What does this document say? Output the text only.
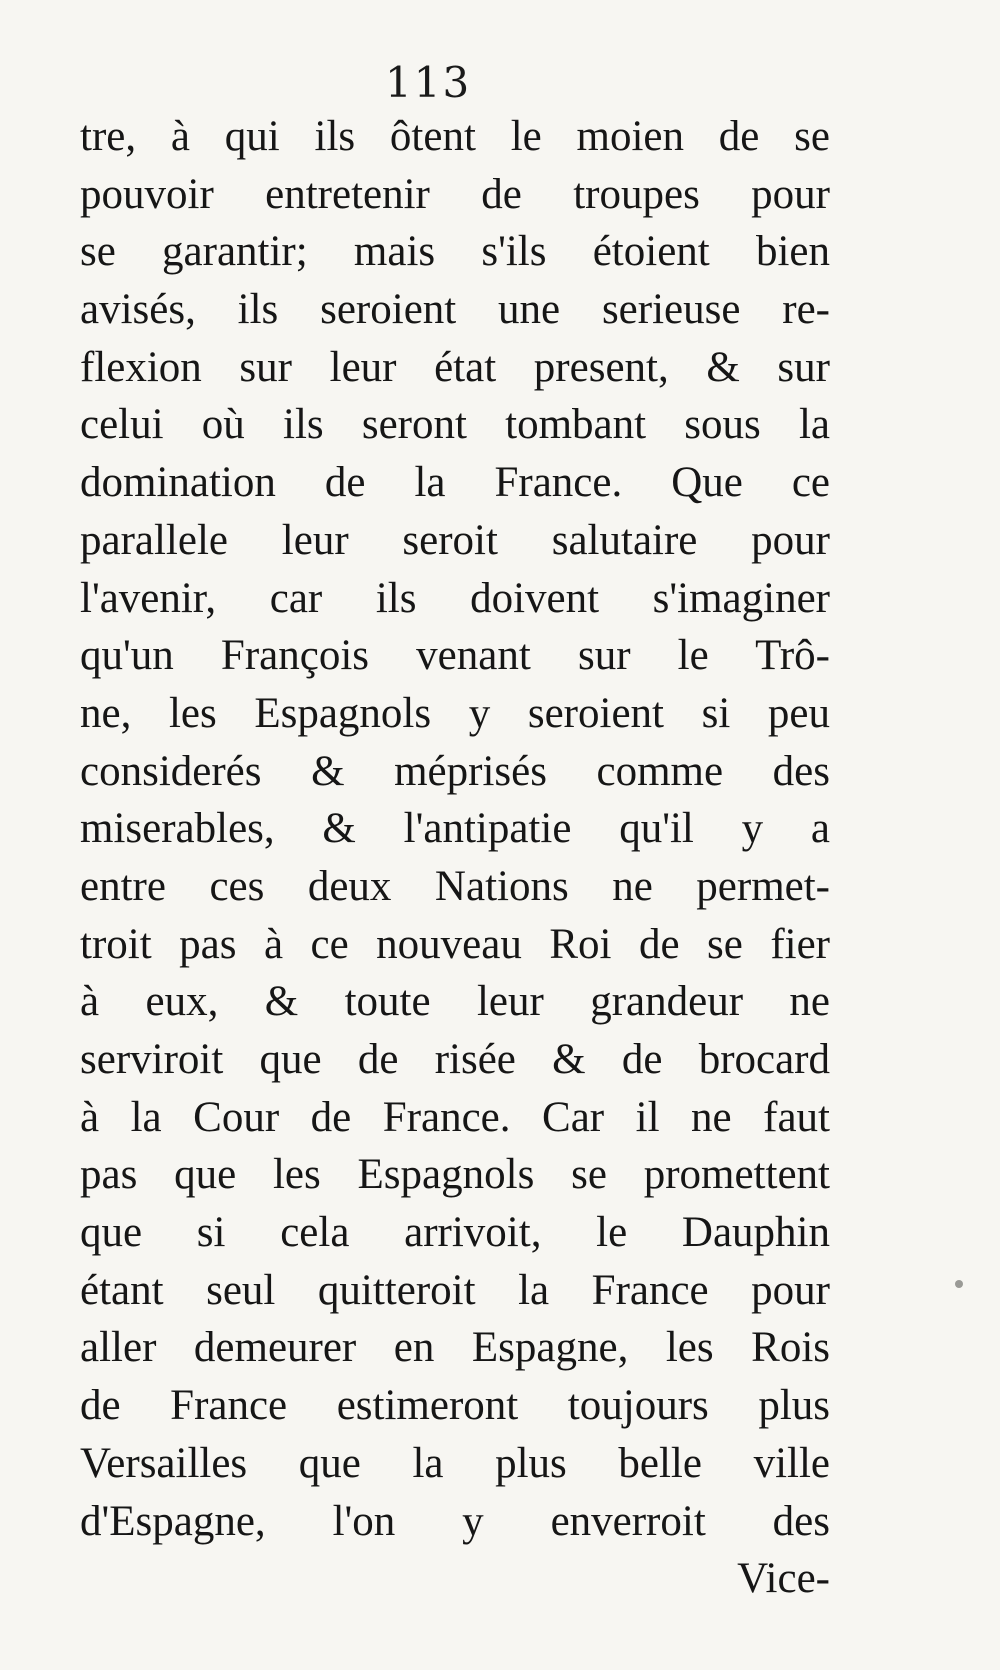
113
tre, à qui ils ôtent le moien de se
pouvoir entretenir de troupes pour
se garantir; mais s'ils étoient bien
avisés, ils seroient une serieuse re-
flexion sur leur état present, & sur
celui où ils seront tombant sous la
domination de la France. Que ce
parallele leur seroit salutaire pour
l'avenir, car ils doivent s'imaginer
qu'un François venant sur le Trô-
ne, les Espagnols y seroient si peu
considerés & méprisés comme des
miserables, & l'antipatie qu'il y a
entre ces deux Nations ne permet-
troit pas à ce nouveau Roi de se fier
à eux, & toute leur grandeur ne
serviroit que de risée & de brocard
à la Cour de France. Car il ne faut
pas que les Espagnols se promettent
que si cela arrivoit, le Dauphin
étant seul quitteroit la France pour
aller demeurer en Espagne, les Rois
de France estimeront toujours plus
Versailles que la plus belle ville
d'Espagne, l'on y enverroit des
Vice-
